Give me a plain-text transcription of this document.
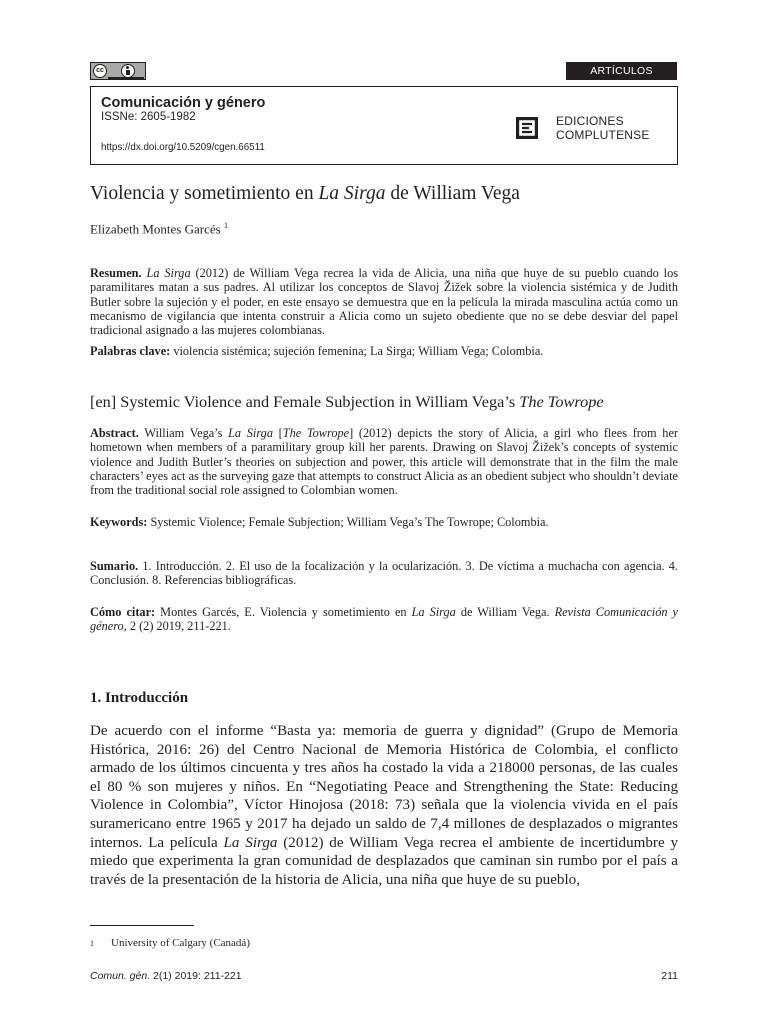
cc	ARTÍCULOS
Comunicación y género
ISSNe: 2605-1982
https://dx.doi.org/10.5209/cgen.66511
EDICIONES
COMPLUTENSE
Violencia y sometimiento en La Sirga de William Vega
Elizabeth Montes Garcés $^1$
Resumen. La Sirga (2012) de William Vega recrea la vida de Alicia, una niña que huye de su pueblo cuando los paramilitares matan a sus padres. Al utilizar los conceptos de Slavoj Žižek sobre la violencia sistémica y de Judith Butler sobre la sujeción y el poder, en este ensayo se demuestra que en la película la mirada masculina actúa como un mecanismo de vigilancia que intenta construir a Alicia como un sujeto obediente que no se debe desviar del papel tradicional asignado a las mujeres colombianas.
Palabras clave: violencia sistémica; sujeción femenina; La Sirga; William Vega; Colombia.
[en] Systemic Violence and Female Subjection in William Vega’s The Towrope
Abstract. William Vega’s La Sirga [The Towrope] (2012) depicts the story of Alicia, a girl who flees from her hometown when members of a paramilitary group kill her parents. Drawing on Slavoj Žižek’s concepts of systemic violence and Judith Butler’s theories on subjection and power, this article will demonstrate that in the film the male characters’ eyes act as the surveying gaze that attempts to construct Alicia as an obedient subject who shouldn’t deviate from the traditional social role assigned to Colombian women.
Keywords: Systemic Violence; Female Subjection; William Vega’s The Towrope; Colombia.
Sumario. 1. Introducción. 2. El uso de la focalización y la ocularización. 3. De víctima a muchacha con agencia. 4. Conclusión. 8. Referencias bibliográficas.
Cómo citar: Montes Garcés, E. Violencia y sometimiento en La Sirga de William Vega. Revista Comunicación y género, 2 (2) 2019, 211-221.
1. Introducción
De acuerdo con el informe “Basta ya: memoria de guerra y dignidad” (Grupo de Memoria Histórica, 2016: 26) del Centro Nacional de Memoria Histórica de Colombia, el conflicto armado de los últimos cincuenta y tres años ha costado la vida a 218000 personas, de las cuales el 80 % son mujeres y niños. En “Negotiating Peace and Strengthening the State: Reducing Violence in Colombia”, Víctor Hinojosa (2018: 73) señala que la violencia vivida en el país suramericano entre 1965 y 2017 ha dejado un saldo de 7,4 millones de desplazados o migrantes internos. La película La Sirga (2012) de William Vega recrea el ambiente de incertidumbre y miedo que experimenta la gran comunidad de desplazados que caminan sin rumbo por el país a través de la presentación de la historia de Alicia, una niña que huye de su pueblo,
1 University of Calgary (Canadá)
Comun. gén. 2(1) 2019: 211-221	211
